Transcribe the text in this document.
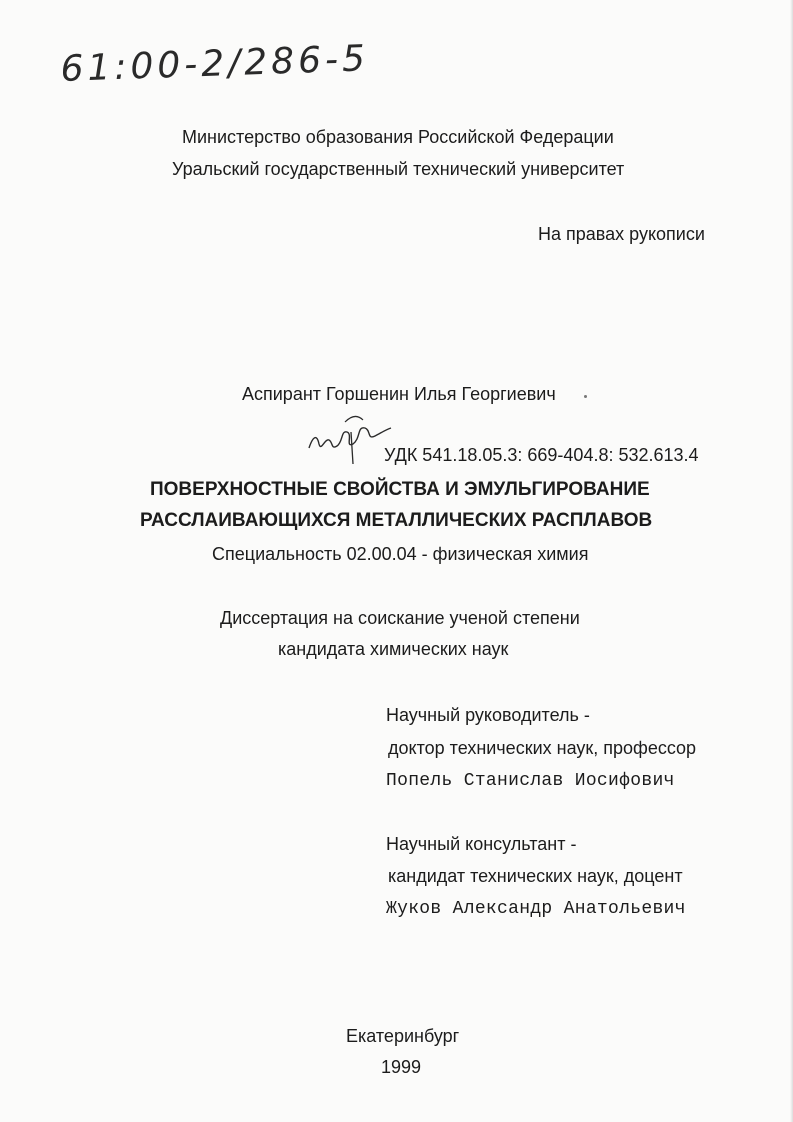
61:00-2/286-5
Министерство образования Российской Федерации
Уральский государственный технический университет
На правах рукописи
Аспирант Горшенин Илья Георгиевич
УДК 541.18.05.3: 669-404.8: 532.613.4
ПОВЕРХНОСТНЫЕ СВОЙСТВА И ЭМУЛЬГИРОВАНИЕ
РАССЛАИВАЮЩИХСЯ МЕТАЛЛИЧЕСКИХ РАСПЛАВОВ
Специальность 02.00.04 - физическая химия
Диссертация на соискание ученой степени
кандидата химических наук
Научный руководитель -
доктор технических наук, профессор
Попель Станислав Иосифович
Научный консультант -
кандидат технических наук, доцент
Жуков Александр Анатольевич
Екатеринбург
1999
